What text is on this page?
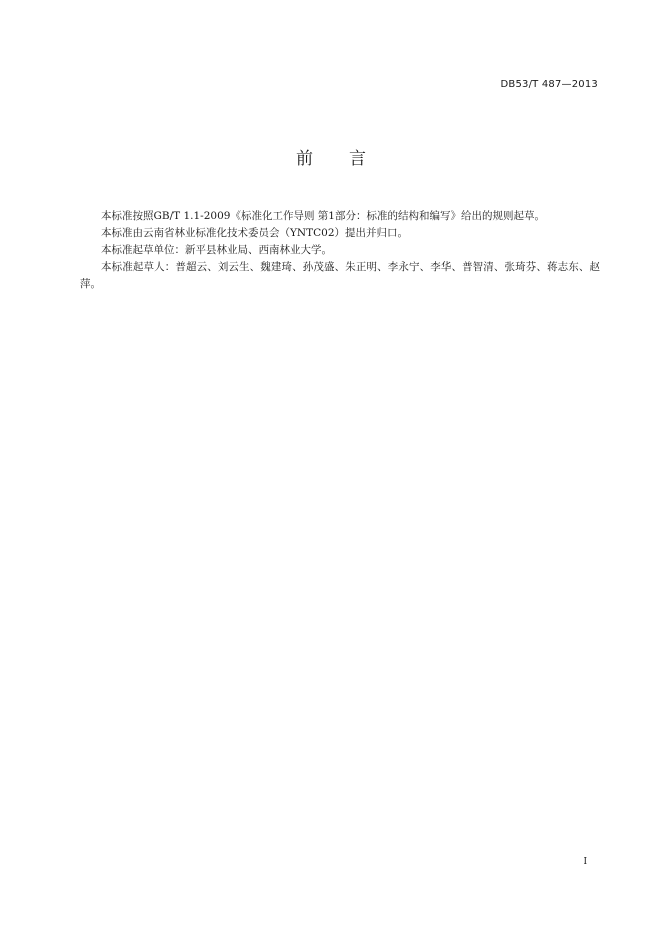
DB53/T 487—2013
前言

本标准按照GB/T 1.1-2009《标准化工作导则 第1部分：标准的结构和编写》给出的规则起草。

本标准由云南省林业标准化技术委员会（YNTC02）提出并归口。

本标准起草单位：新平县林业局、西南林业大学。

本标准起草人：普超云、刘云生、魏建琦、孙茂盛、朱正明、李永宁、李华、普智清、张琦芬、蒋志东、赵萍。

I
